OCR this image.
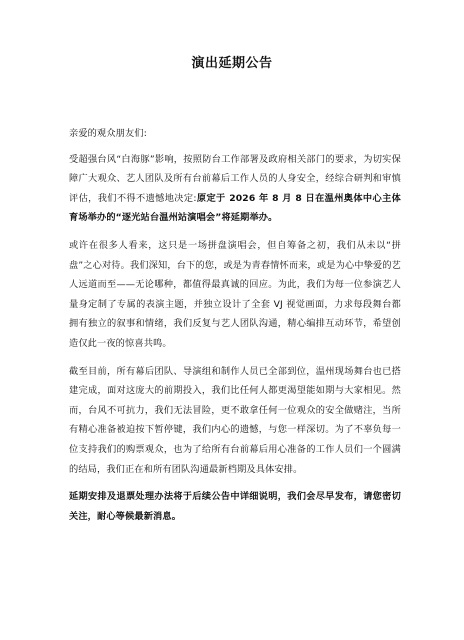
演出延期公告

亲爱的观众朋友们:

受超强台风“白海豚”影响，按照防台工作部署及政府相关部门的要求，为切实保障广大观众、艺人团队及所有台前幕后工作人员的人身安全，经综合研判和审慎评估，我们不得不遗憾地决定:原定于 2026 年 8 月 8 日在温州奥体中心主体育场举办的“逐光站台温州站演唱会”将延期举办。

或许在很多人看来，这只是一场拼盘演唱会，但自筹备之初，我们从未以“拼盘”之心对待。我们深知，台下的您，或是为青春情怀而来，或是为心中挚爱的艺人远道而至——无论哪种，都值得最真诚的回应。为此，我们为每一位参演艺人量身定制了专属的表演主题，并独立设计了全套 VJ 视觉画面，力求每段舞台都拥有独立的叙事和情绪，我们反复与艺人团队沟通，精心编排互动环节，希望创造仅此一夜的惊喜共鸣。

截至目前，所有幕后团队、导演组和制作人员已全部到位，温州现场舞台也已搭建完成，面对这庞大的前期投入，我们比任何人都更渴望能如期与大家相见。然而，台风不可抗力，我们无法冒险，更不敢拿任何一位观众的安全做赌注，当所有精心准备被迫按下暂停键，我们内心的遗憾，与您一样深切。为了不辜负每一位支持我们的购票观众，也为了给所有台前幕后用心准备的工作人员们一个圆满的结局，我们正在和所有团队沟通最新档期及具体安排。

延期安排及退票处理办法将于后续公告中详细说明，我们会尽早发布，请您密切关注，耐心等候最新消息。
